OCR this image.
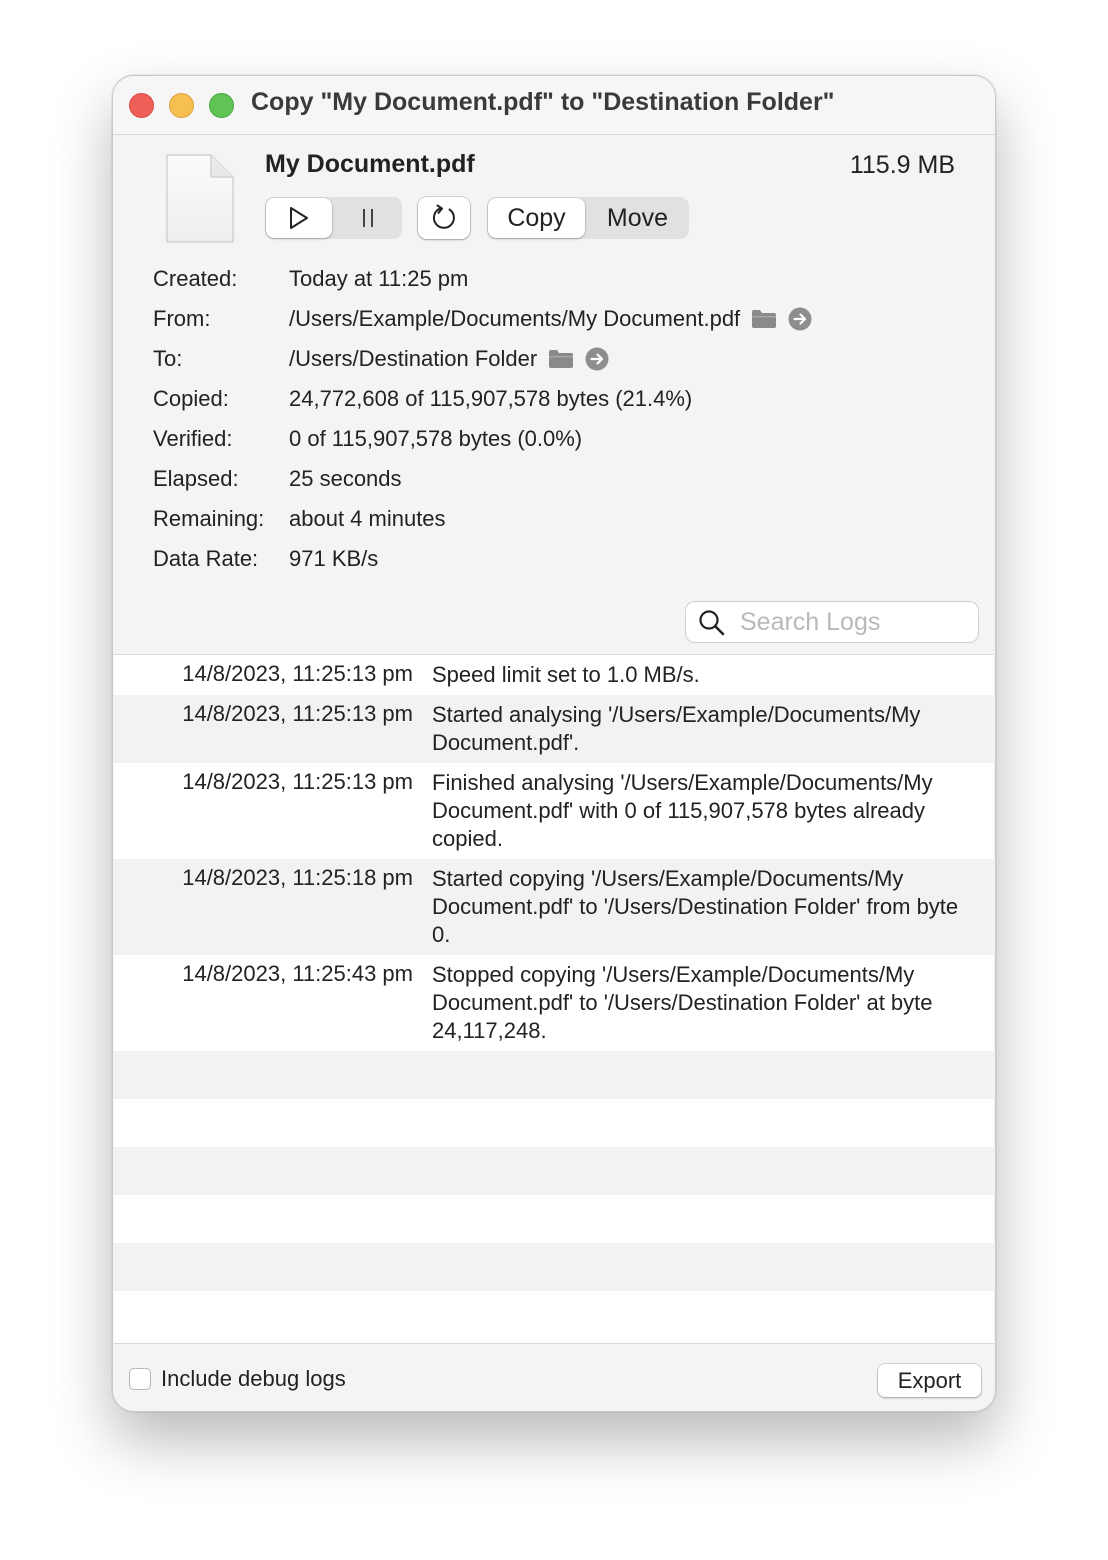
Copy "My Document.pdf" to "Destination Folder"
My Document.pdf	115.9 MB
Copy	Move
Created: Today at 11:25 pm
From:	/Users/Example/Documents/My Document.pdf
To:	/Users/Destination Folder
Copied:	24,772,608 of 115,907,578 bytes (21.4%)
Verified:	0 of 115,907,578 bytes (0.0%)
Elapsed: 25 seconds
Remaining: about 4 minutes
Data Rate: 971 KB/s
Search Logs
14/8/2023, 11:25:13 pm Speed limit set to 1.0 MB/s.
14/8/2023, 11:25:13 pm Started analysing '/Users/Example/Documents/My Document.pdf'.
14/8/2023, 11:25:13 pm Finished analysing '/Users/Example/Documents/My Document.pdf' with 0 of 115,907,578 bytes already copied.
14/8/2023, 11:25:18 pm Started copying '/Users/Example/Documents/My Document.pdf' to '/Users/Destination Folder' from byte 0.
14/8/2023, 11:25:43 pm Stopped copying '/Users/Example/Documents/My Document.pdf' to '/Users/Destination Folder' at byte 24,117,248.
Include debug logs	Export
